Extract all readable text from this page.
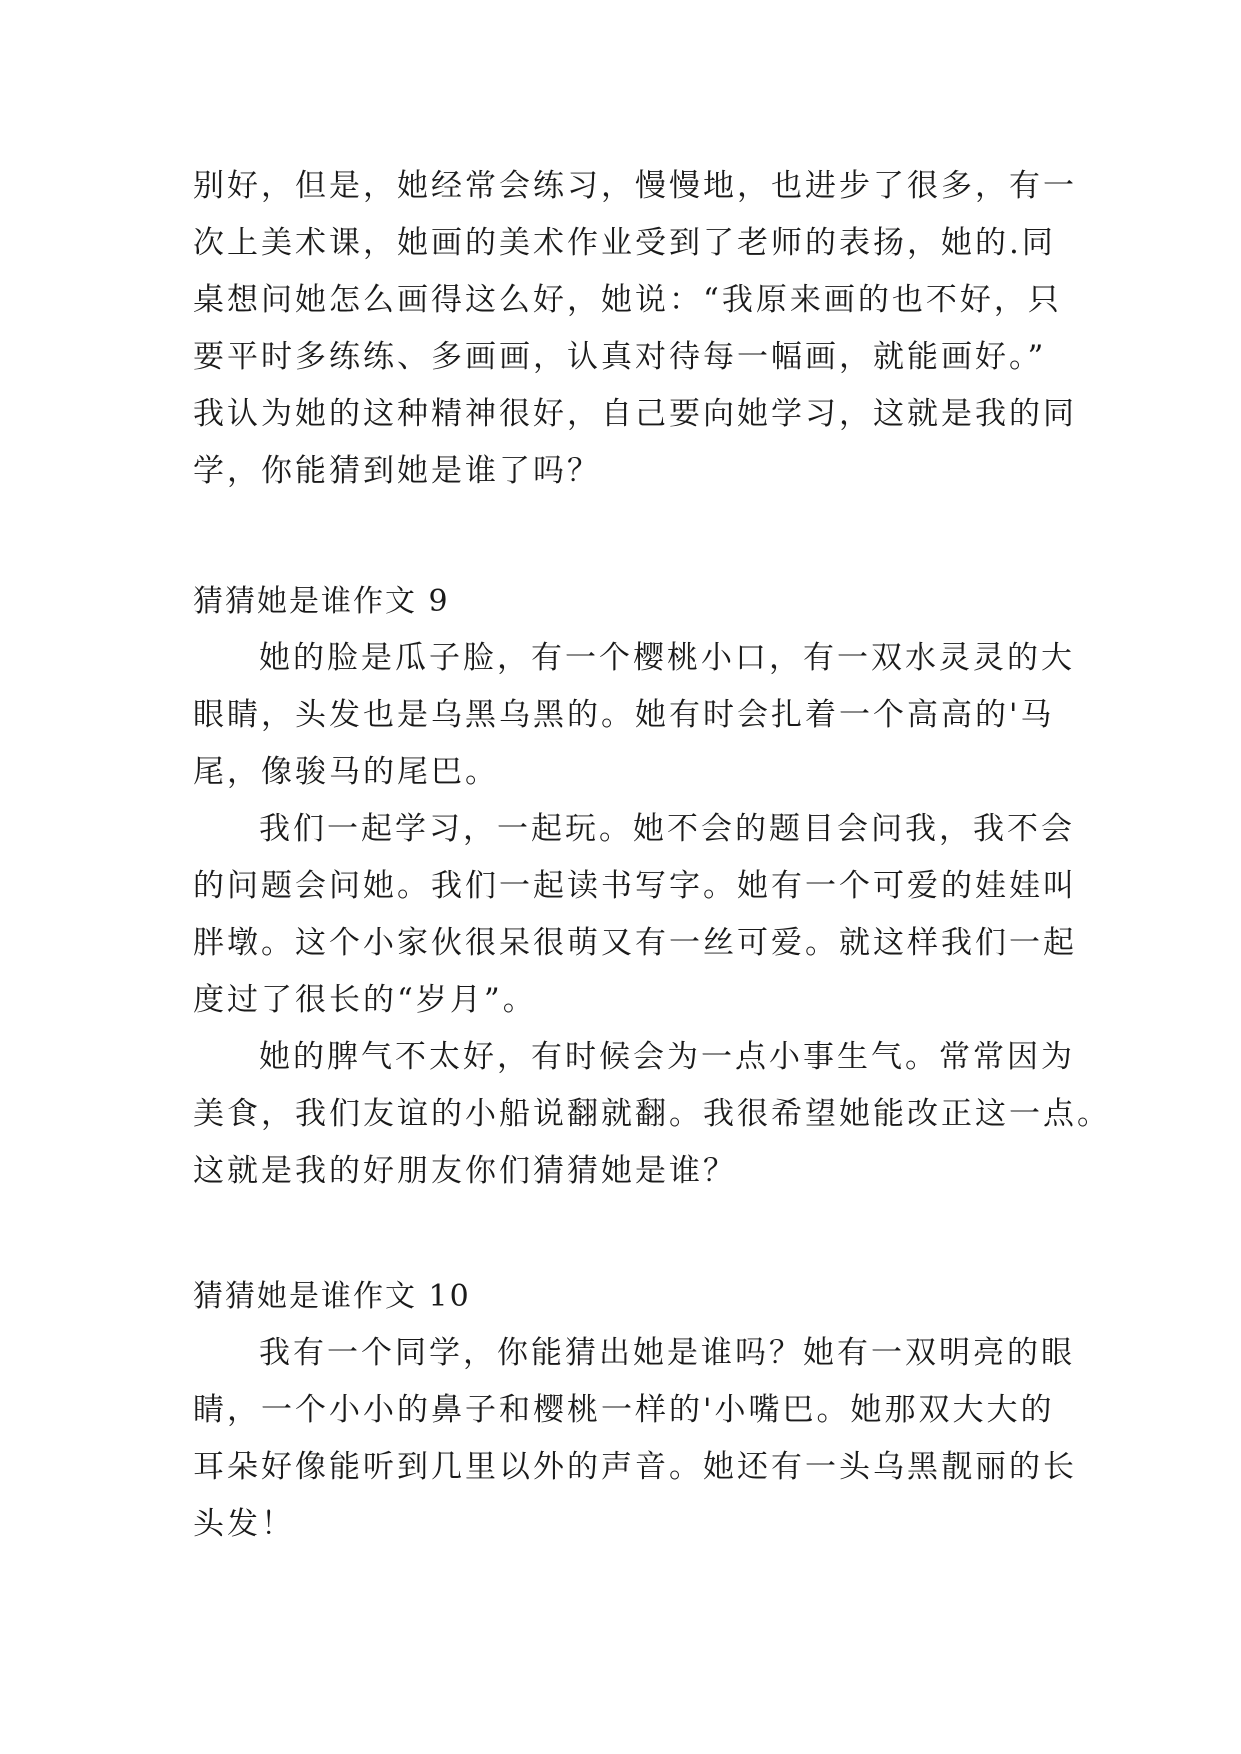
别好，但是，她经常会练习，慢慢地，也进步了很多，有一
次上美术课，她画的美术作业受到了老师的表扬，她的.同
桌想问她怎么画得这么好，她说：“我原来画的也不好，只
要平时多练练、多画画，认真对待每一幅画，就能画好。”
我认为她的这种精神很好，自己要向她学习，这就是我的同
学，你能猜到她是谁了吗？
猜猜她是谁作文 9
她的脸是瓜子脸，有一个樱桃小口，有一双水灵灵的大
眼睛，头发也是乌黑乌黑的。她有时会扎着一个高高的'马
尾，像骏马的尾巴。
我们一起学习，一起玩。她不会的题目会问我，我不会
的问题会问她。我们一起读书写字。她有一个可爱的娃娃叫
胖墩。这个小家伙很呆很萌又有一丝可爱。就这样我们一起
度过了很长的“岁月”。
她的脾气不太好，有时候会为一点小事生气。常常因为
美食，我们友谊的小船说翻就翻。我很希望她能改正这一点。
这就是我的好朋友你们猜猜她是谁？
猜猜她是谁作文 10
我有一个同学，你能猜出她是谁吗？她有一双明亮的眼
睛，一个小小的鼻子和樱桃一样的'小嘴巴。她那双大大的
耳朵好像能听到几里以外的声音。她还有一头乌黑靓丽的长
头发！
